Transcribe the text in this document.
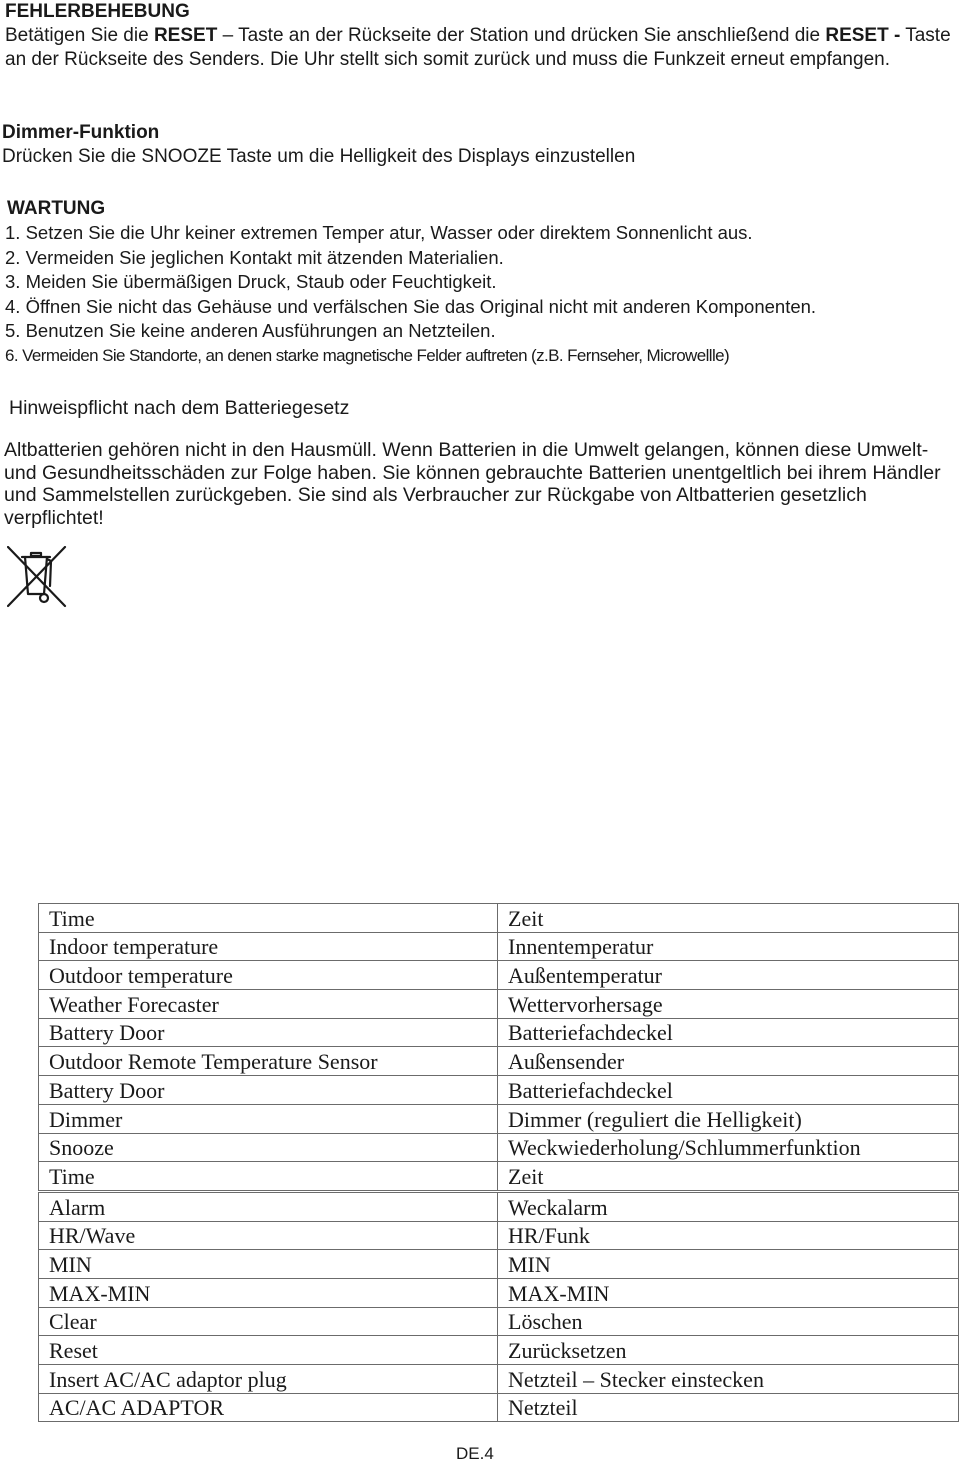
FEHLERBEHEBUNG

Betätigen Sie die RESET – Taste an der Rückseite der Station und drücken Sie anschließend die RESET - Taste an der Rückseite des Senders. Die Uhr stellt sich somit zurück und muss die Funkzeit erneut empfangen.

Dimmer-Funktion

Drücken Sie die SNOOZE Taste um die Helligkeit des Displays einzustellen

WARTUNG

1. Setzen Sie die Uhr keiner extremen Temper atur, Wasser oder direktem Sonnenlicht aus.
2. Vermeiden Sie jeglichen Kontakt mit ätzenden Materialien.
3. Meiden Sie übermäßigen Druck, Staub oder Feuchtigkeit.
4. Öffnen Sie nicht das Gehäuse und verfälschen Sie das Original nicht mit anderen Komponenten.
5. Benutzen Sie keine anderen Ausführungen an Netzteilen.
6. Vermeiden Sie Standorte, an denen starke magnetische Felder auftreten (z.B. Fernseher, Microwellle)
Hinweispflicht nach dem Batteriegesetz
Altbatterien gehören nicht in den Hausmüll. Wenn Batterien in die Umwelt gelangen, können diese Umwelt- und Gesundheitsschäden zur Folge haben. Sie können gebrauchte Batterien unentgeltlich bei ihrem Händler und Sammelstellen zurückgeben. Sie sind als Verbraucher zur Rückgabe von Altbatterien gesetzlich verpflichtet!
Time	Zeit
Indoor temperature	Innentemperatur
Outdoor temperature	Außentemperatur
Weather Forecaster	Wettervorhersage
Battery Door	Batteriefachdeckel
Outdoor Remote Temperature Sensor	Außensender
Battery Door	Batteriefachdeckel
Dimmer	Dimmer (reguliert die Helligkeit)
Snooze	Weckwiederholung/Schlummerfunktion
Time	Zeit
Alarm	Weckalarm
HR/Wave	HR/Funk
MIN	MIN
MAX-MIN	MAX-MIN
Clear	Löschen
Reset	Zurücksetzen
Insert AC/AC adaptor plug	Netzteil – Stecker einstecken
AC/AC ADAPTOR	Netzteil
DE.4
